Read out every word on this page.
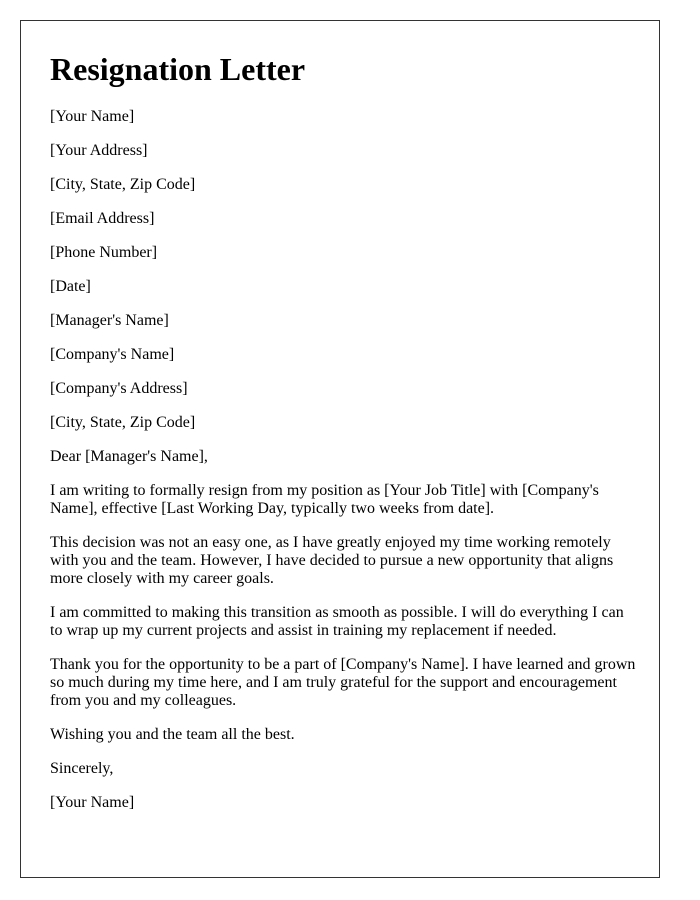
Resignation Letter

[Your Name]

[Your Address]

[City, State, Zip Code]

[Email Address]

[Phone Number]

[Date]

[Manager's Name]

[Company's Name]

[Company's Address]

[City, State, Zip Code]

Dear [Manager's Name],

I am writing to formally resign from my position as [Your Job Title] with [Company's Name], effective [Last Working Day, typically two weeks from date].

This decision was not an easy one, as I have greatly enjoyed my time working remotely with you and the team. However, I have decided to pursue a new opportunity that aligns more closely with my career goals.

I am committed to making this transition as smooth as possible. I will do everything I can to wrap up my current projects and assist in training my replacement if needed.

Thank you for the opportunity to be a part of [Company's Name]. I have learned and grown so much during my time here, and I am truly grateful for the support and encouragement from you and my colleagues.

Wishing you and the team all the best.

Sincerely,

[Your Name]
